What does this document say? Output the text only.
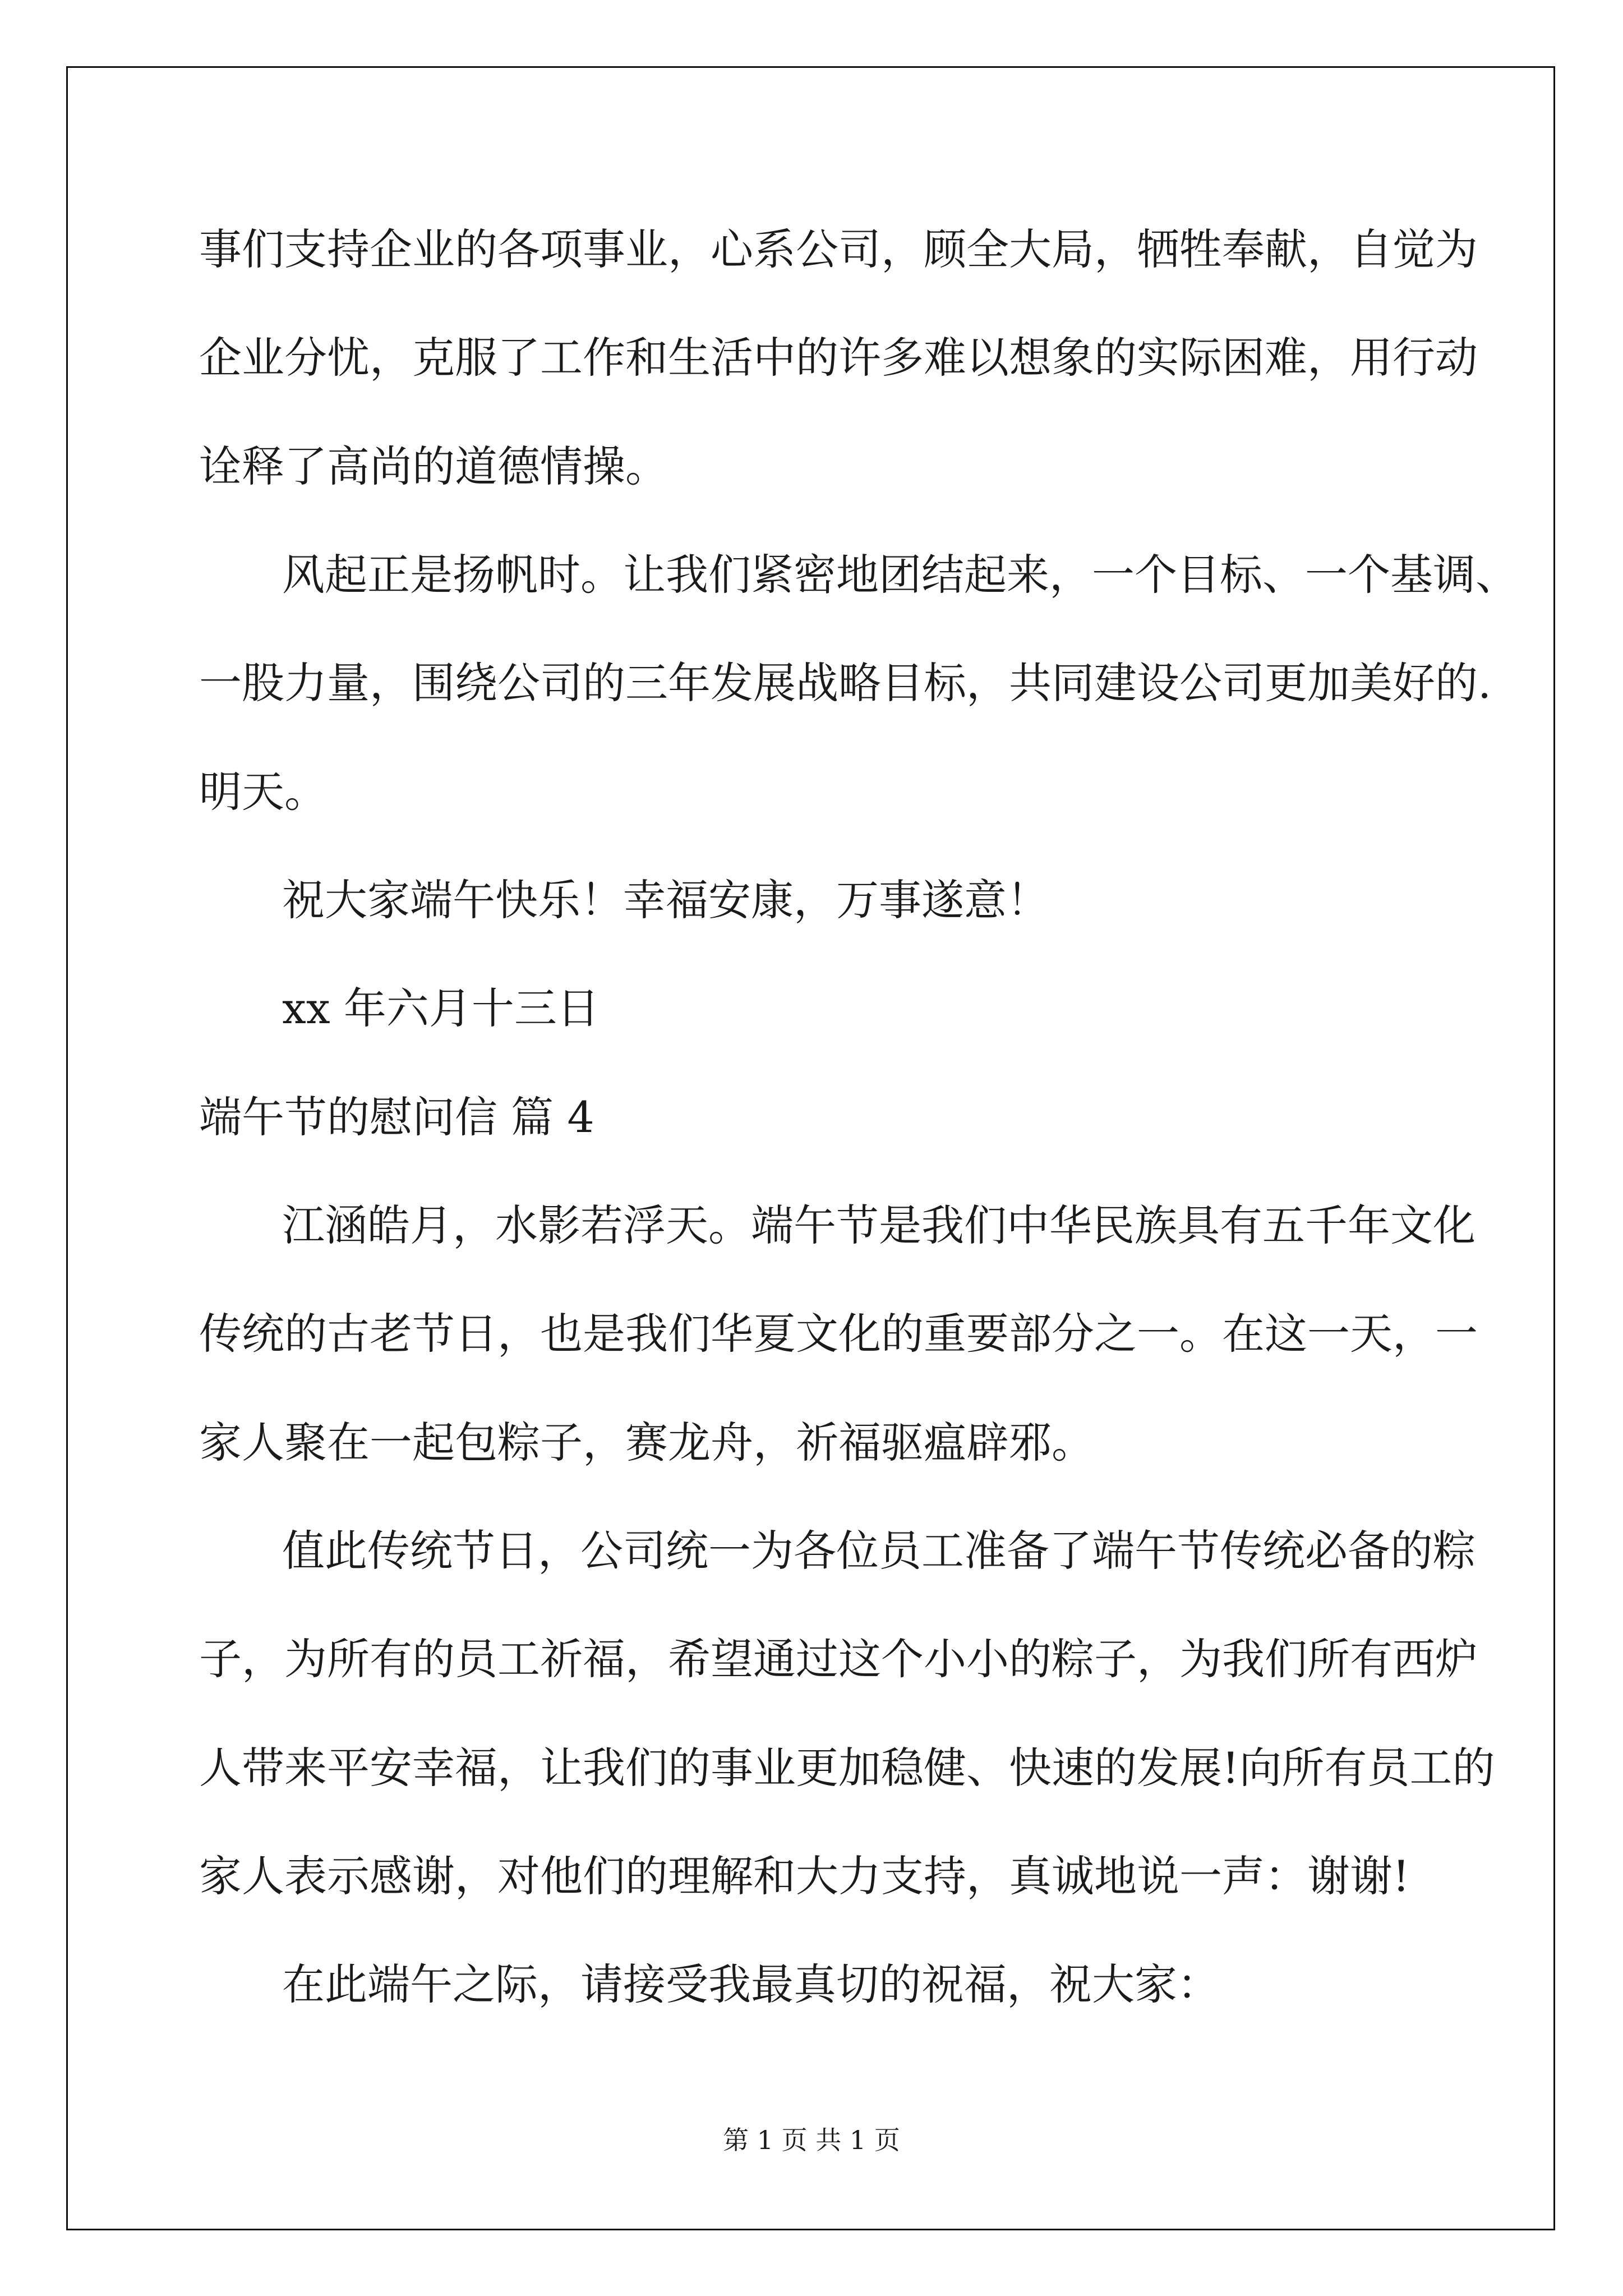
事们支持企业的各项事业，心系公司，顾全大局，牺牲奉献，自觉为
企业分忧，克服了工作和生活中的许多难以想象的实际困难，用行动
诠释了高尚的道德情操。
风起正是扬帆时。让我们紧密地团结起来，一个目标、一个基调、
一股力量，围绕公司的三年发展战略目标，共同建设公司更加美好的.
明天。
祝大家端午快乐！幸福安康，万事遂意！
xx 年六月十三日
端午节的慰问信 篇 4
江涵皓月，水影若浮天。端午节是我们中华民族具有五千年文化
传统的古老节日，也是我们华夏文化的重要部分之一。在这一天，一
家人聚在一起包粽子，赛龙舟，祈福驱瘟辟邪。
值此传统节日，公司统一为各位员工准备了端午节传统必备的粽
子，为所有的员工祈福，希望通过这个小小的粽子，为我们所有西炉
人带来平安幸福，让我们的事业更加稳健、快速的发展!向所有员工的
家人表示感谢，对他们的理解和大力支持，真诚地说一声：谢谢!
在此端午之际，请接受我最真切的祝福，祝大家：
第 1 页 共 1 页
